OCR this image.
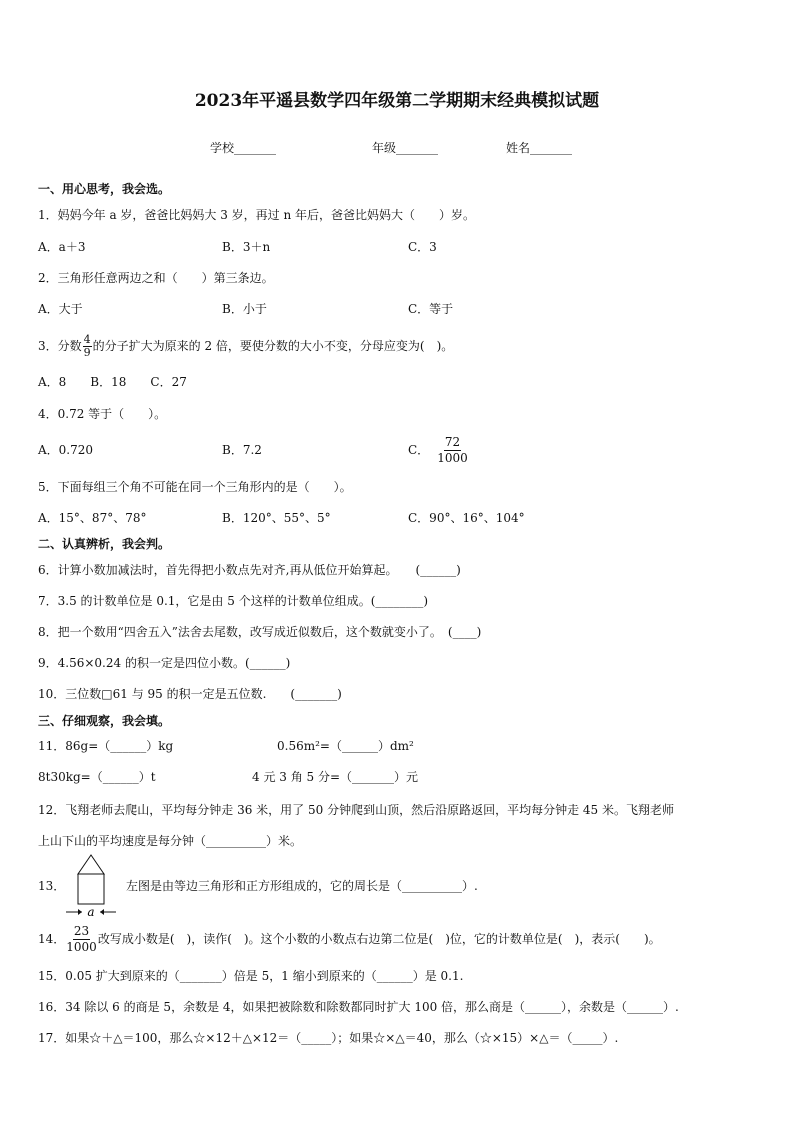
2023年平遥县数学四年级第二学期期末经典模拟试题
学校_______	年级_______	姓名_______
一、用心思考，我会选。
1．妈妈今年 a 岁，爸爸比妈妈大 3 岁，再过 n 年后，爸爸比妈妈大（　　）岁。
A．a＋3	B．3＋n	C．3
2．三角形任意两边之和（　　）第三条边。
A．大于	B．小于	C．等于
3．分数 $\frac{4}{9}$ 的分子扩大为原来的 2 倍，要使分数的大小不变，分母应变为(　)。
A．8　　B．18　　C．27
4．0.72 等于（　　）。
A．0.720	B．7.2	C． $\frac{72}{1000}$
5．下面每组三个角不可能在同一个三角形内的是（　　）。
A．15°、87°、78°	B．120°、55°、5°	C．90°、16°、104°
二、认真辨析，我会判。
6．计算小数加减法时，首先得把小数点先对齐,再从低位开始算起。　　(______)
7．3.5 的计数单位是 0.1，它是由 5 个这样的计数单位组成。(________)
8．把一个数用“四舍五入”法舍去尾数，改写成近似数后，这个数就变小了。　(____)
9．4.56×0.24 的积一定是四位小数。(______)
10．三位数□61 与 95 的积一定是五位数.　　(_______)
三、仔细观察，我会填。
11．86g=（______）kg	0.56m²=（______）dm²
8t30kg=（______）t	4 元 3 角 5 分=（_______）元
12．飞翔老师去爬山，平均每分钟走 36 米，用了 50 分钟爬到山顶，然后沿原路返回，平均每分钟走 45 米。飞翔老师
上山下山的平均速度是每分钟（__________）米。
13．
a
左图是由等边三角形和正方形组成的，它的周长是（__________）.
14． $\frac{23}{1000}$ 改写成小数是(　)，读作(　)。这个小数的小数点右边第二位是(　)位，它的计数单位是(　)，表示(　　)。
15．0.05 扩大到原来的（_______）倍是 5，1 缩小到原来的（______）是 0.1.
16．34 除以 6 的商是 5，余数是 4，如果把被除数和除数都同时扩大 100 倍，那么商是（______），余数是（______）.
17．如果☆＋△＝100，那么☆×12＋△×12＝（_____）；如果☆×△＝40，那么（☆×15）×△＝（_____）.
